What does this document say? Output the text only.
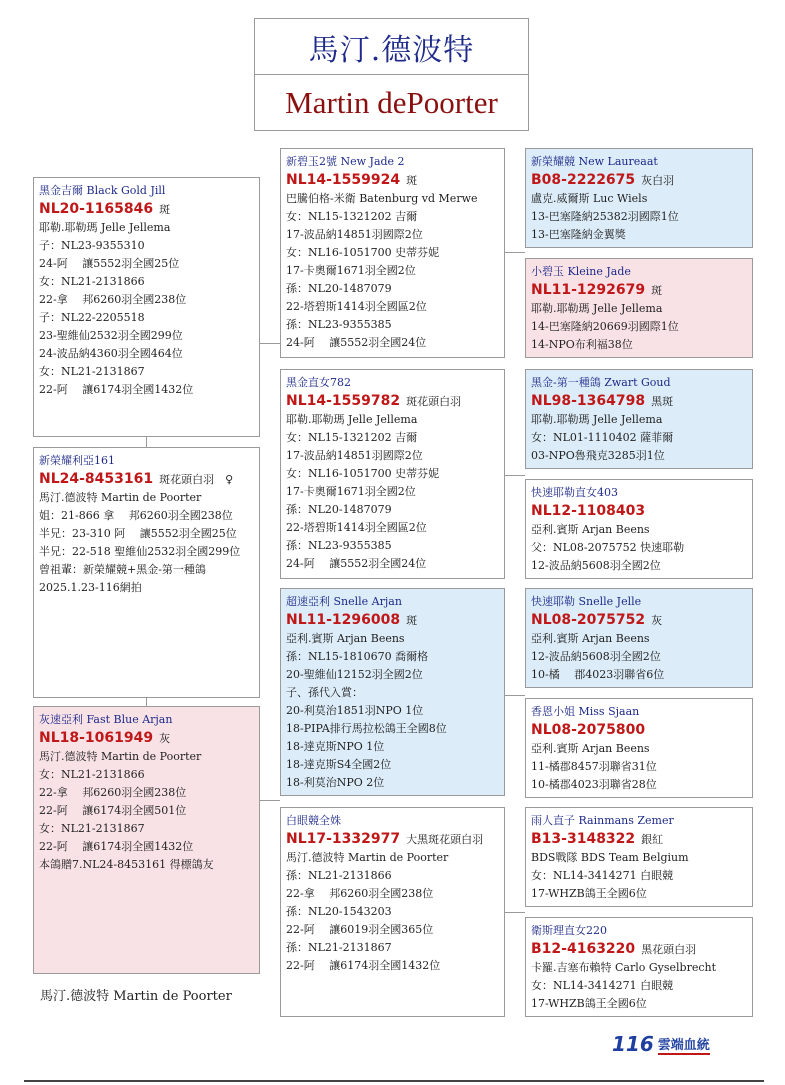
馬汀.德波特
Martin dePoorter
黑金吉爾 Black Gold Jill
NL20-1165846 斑
耶勒.耶勒瑪 Jelle Jellema
子：NL23-9355310
24-阿　 讓5552羽全國25位
女：NL21-2131866
22-拿　 邦6260羽全國238位
子：NL22-2205518
23-聖維仙2532羽全國299位
24-波品納4360羽全國464位
女：NL21-2131867
22-阿　 讓6174羽全國1432位
新榮耀利亞161
NL24-8453161 斑花頭白羽　♀
馬汀.德波特 Martin de Poorter
姐：21-866 拿　 邦6260羽全國238位
半兄：23-310 阿　 讓5552羽全國25位
半兄：22-518 聖維仙2532羽全國299位
曾祖輩：新榮耀競+黑金-第一種鴿
2025.1.23-116網拍
灰速亞利 Fast Blue Arjan
NL18-1061949 灰
馬汀.德波特 Martin de Poorter
女：NL21-2131866
22-拿　 邦6260羽全國238位
22-阿　 讓6174羽全國501位
女：NL21-2131867
22-阿　 讓6174羽全國1432位
本鴿贈7.NL24-8453161 得標鴿友
新碧玉2號 New Jade 2
NL14-1559924 斑
巴騰伯格-米衛 Batenburg vd Merwe
女：NL15-1321202 吉爾
17-波品納14851羽國際2位
女：NL16-1051700 史蒂芬妮
17-卡奧爾1671羽全國2位
孫：NL20-1487079
22-塔碧斯1414羽全國區2位
孫：NL23-9355385
24-阿　 讓5552羽全國24位
黑金直女782
NL14-1559782 斑花頭白羽
耶勒.耶勒瑪 Jelle Jellema
女：NL15-1321202 吉爾
17-波品納14851羽國際2位
女：NL16-1051700 史蒂芬妮
17-卡奧爾1671羽全國2位
孫：NL20-1487079
22-塔碧斯1414羽全國區2位
孫：NL23-9355385
24-阿　 讓5552羽全國24位
超速亞利 Snelle Arjan
NL11-1296008 斑
亞利.賓斯 Arjan Beens
孫：NL15-1810670 喬爾格
20-聖維仙12152羽全國2位
子、孫代入賞：
20-利莫治1851羽NPO 1位
18-PIPA排行馬拉松鴿王全國8位
18-達克斯NPO 1位
18-達克斯S4全國2位
18-利莫治NPO 2位
白眼競全姝
NL17-1332977 大黑斑花頭白羽
馬汀.德波特 Martin de Poorter
孫：NL21-2131866
22-拿　 邦6260羽全國238位
孫：NL20-1543203
22-阿　 讓6019羽全國365位
孫：NL21-2131867
22-阿　 讓6174羽全國1432位
新榮耀競 New Laureaat
B08-2222675 灰白羽
盧克.威爾斯 Luc Wiels
13-巴塞隆納25382羽國際1位
13-巴塞隆納金翼獎
小碧玉 Kleine Jade
NL11-1292679 斑
耶勒.耶勒瑪 Jelle Jellema
14-巴塞隆納20669羽國際1位
14-NPO布利福38位
黑金-第一種鴿 Zwart Goud
NL98-1364798 黑斑
耶勒.耶勒瑪 Jelle Jellema
女：NL01-1110402 薩菲爾
03-NPO魯飛克3285羽1位
快速耶勒直女403
NL12-1108403
亞利.賓斯 Arjan Beens
父：NL08-2075752 快速耶勒
12-波品納5608羽全國2位
快速耶勒 Snelle Jelle
NL08-2075752 灰
亞利.賓斯 Arjan Beens
12-波品納5608羽全國2位
10-橘　 郡4023羽聯省6位
香恩小姐 Miss Sjaan
NL08-2075800
亞利.賓斯 Arjan Beens
11-橘郡8457羽聯省31位
10-橘郡4023羽聯省28位
雨人直子 Rainmans Zemer
B13-3148322 銀紅
BDS戰隊 BDS Team Belgium
女：NL14-3414271 白眼競
17-WHZB鴿王全國6位
衛斯理直女220
B12-4163220 黑花頭白羽
卡羅.吉塞布賴特 Carlo Gyselbrecht
女：NL14-3414271 白眼競
17-WHZB鴿王全國6位
馬汀.德波特 Martin de Poorter
116 雲端血統
